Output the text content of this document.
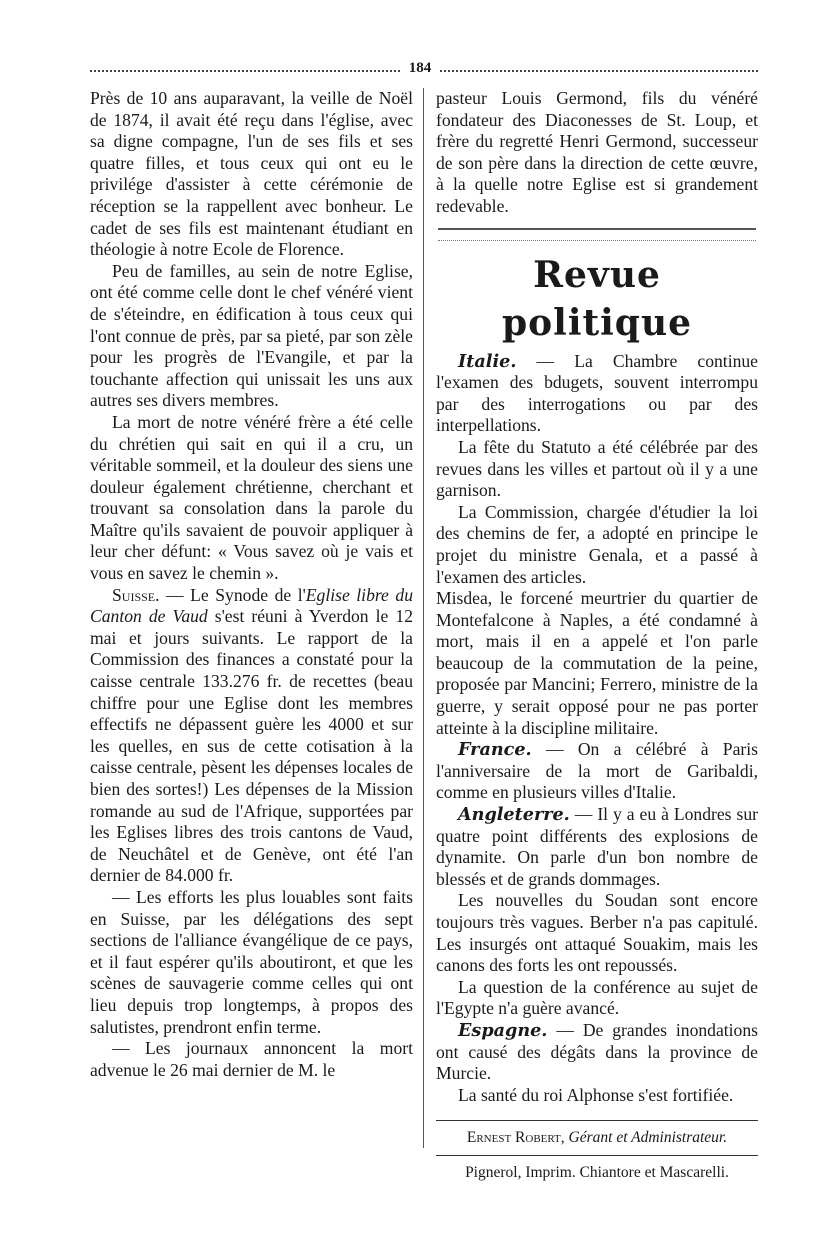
184

Près de 10 ans auparavant, la veille de Noël de 1874, il avait été reçu dans l'église, avec sa digne compagne, l'un de ses fils et ses quatre filles, et tous ceux qui ont eu le privilége d'assister à cette cérémonie de réception se la rappellent avec bonheur. Le cadet de ses fils est maintenant étudiant en théologie à notre Ecole de Florence.

Peu de familles, au sein de notre Eglise, ont été comme celle dont le chef vénéré vient de s'éteindre, en édification à tous ceux qui l'ont connue de près, par sa pieté, par son zèle pour les progrès de l'Evangile, et par la touchante affection qui unissait les uns aux autres ses divers membres.

La mort de notre vénéré frère a été celle du chrétien qui sait en qui il a cru, un véritable sommeil, et la douleur des siens une douleur également chrétienne, cherchant et trouvant sa consolation dans la parole du Maître qu'ils savaient de pouvoir appliquer à leur cher défunt: « Vous savez où je vais et vous en savez le chemin ».

Suisse. — Le Synode de l'Eglise libre du Canton de Vaud s'est réuni à Yverdon le 12 mai et jours suivants. Le rapport de la Commission des finances a constaté pour la caisse centrale 133.276 fr. de recettes (beau chiffre pour une Eglise dont les membres effectifs ne dépassent guère les 4000 et sur les quelles, en sus de cette cotisation à la caisse centrale, pèsent les dépenses locales de bien des sortes!) Les dépenses de la Mission romande au sud de l'Afrique, supportées par les Eglises libres des trois cantons de Vaud, de Neuchâtel et de Genève, ont été l'an dernier de 84.000 fr.

— Les efforts les plus louables sont faits en Suisse, par les délégations des sept sections de l'alliance évangélique de ce pays, et il faut espérer qu'ils aboutiront, et que les scènes de sauvagerie comme celles qui ont lieu depuis trop longtemps, à propos des salutistes, prendront enfin terme.

— Les journaux annoncent la mort advenue le 26 mai dernier de M. le

pasteur Louis Germond, fils du vénéré fondateur des Diaconesses de St. Loup, et frère du regretté Henri Germond, successeur de son père dans la direction de cette œuvre, à la quelle notre Eglise est si grandement redevable.

Revue politique

Italie. — La Chambre continue l'examen des bdugets, souvent interrompu par des interrogations ou par des interpellations.

La fête du Statuto a été célébrée par des revues dans les villes et partout où il y a une garnison.

La Commission, chargée d'étudier la loi des chemins de fer, a adopté en principe le projet du ministre Genala, et a passé à l'examen des articles.

Misdea, le forcené meurtrier du quartier de Montefalcone à Naples, a été condamné à mort, mais il en a appelé et l'on parle beaucoup de la commutation de la peine, proposée par Mancini; Ferrero, ministre de la guerre, y serait opposé pour ne pas porter atteinte à la discipline militaire.

France. — On a célébré à Paris l'anniversaire de la mort de Garibaldi, comme en plusieurs villes d'Italie.

Angleterre. — Il y a eu à Londres sur quatre point différents des explosions de dynamite. On parle d'un bon nombre de blessés et de grands dommages.

Les nouvelles du Soudan sont encore toujours très vagues. Berber n'a pas capitulé. Les insurgés ont attaqué Souakim, mais les canons des forts les ont repoussés.

La question de la conférence au sujet de l'Egypte n'a guère avancé.

Espagne. — De grandes inondations ont causé des dégâts dans la province de Murcie.

La santé du roi Alphonse s'est fortifiée.

Ernest Robert, Gérant et Administrateur.
Pignerol, Imprim. Chiantore et Mascarelli.
